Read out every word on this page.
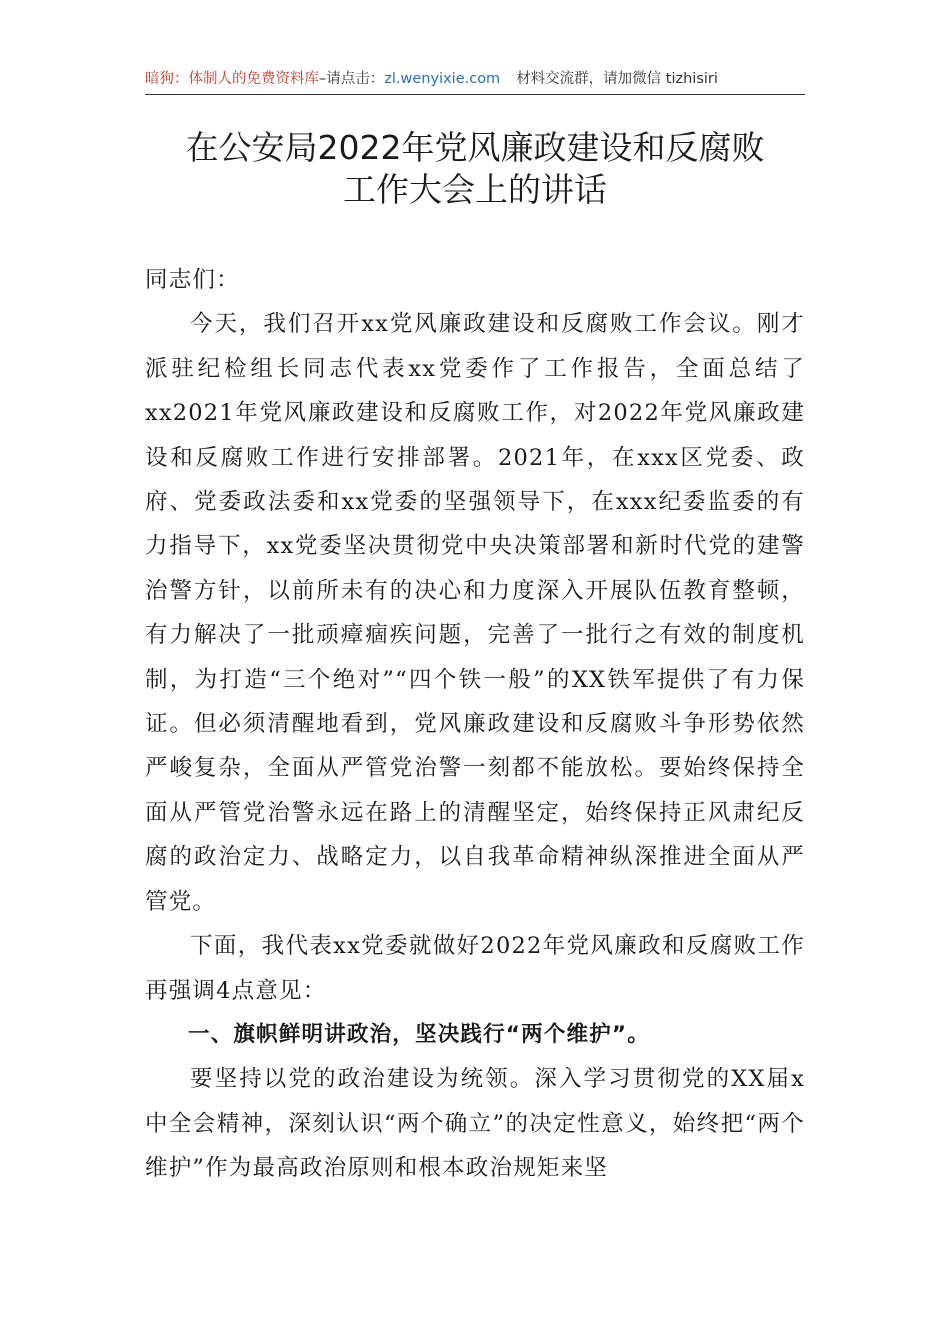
暗狗：体制人的免费资料库–请点击：zl.wenyixie.com 材料交流群，请加微信 tizhisiri
在公安局2022年党风廉政建设和反腐败
工作大会上的讲话

同志们：

今天，我们召开xx党风廉政建设和反腐败工作会议。刚才派驻纪检组长同志代表xx党委作了工作报告，全面总结了xx2021年党风廉政建设和反腐败工作，对2022年党风廉政建设和反腐败工作进行安排部署。2021年，在xxx区党委、政府、党委政法委和xx党委的坚强领导下，在xxx纪委监委的有力指导下，xx党委坚决贯彻党中央决策部署和新时代党的建警治警方针，以前所未有的决心和力度深入开展队伍教育整顿，有力解决了一批顽瘴痼疾问题，完善了一批行之有效的制度机制，为打造“三个绝对”“四个铁一般”的XX铁军提供了有力保证。但必须清醒地看到，党风廉政建设和反腐败斗争形势依然严峻复杂，全面从严管党治警一刻都不能放松。要始终保持全面从严管党治警永远在路上的清醒坚定，始终保持正风肃纪反腐的政治定力、战略定力，以自我革命精神纵深推进全面从严管党。

下面，我代表xx党委就做好2022年党风廉政和反腐败工作再强调4点意见：

一、旗帜鲜明讲政治，坚决践行“两个维护”。

要坚持以党的政治建设为统领。深入学习贯彻党的XX届x中全会精神，深刻认识“两个确立”的决定性意义，始终把“两个维护”作为最高政治原则和根本政治规矩来坚
